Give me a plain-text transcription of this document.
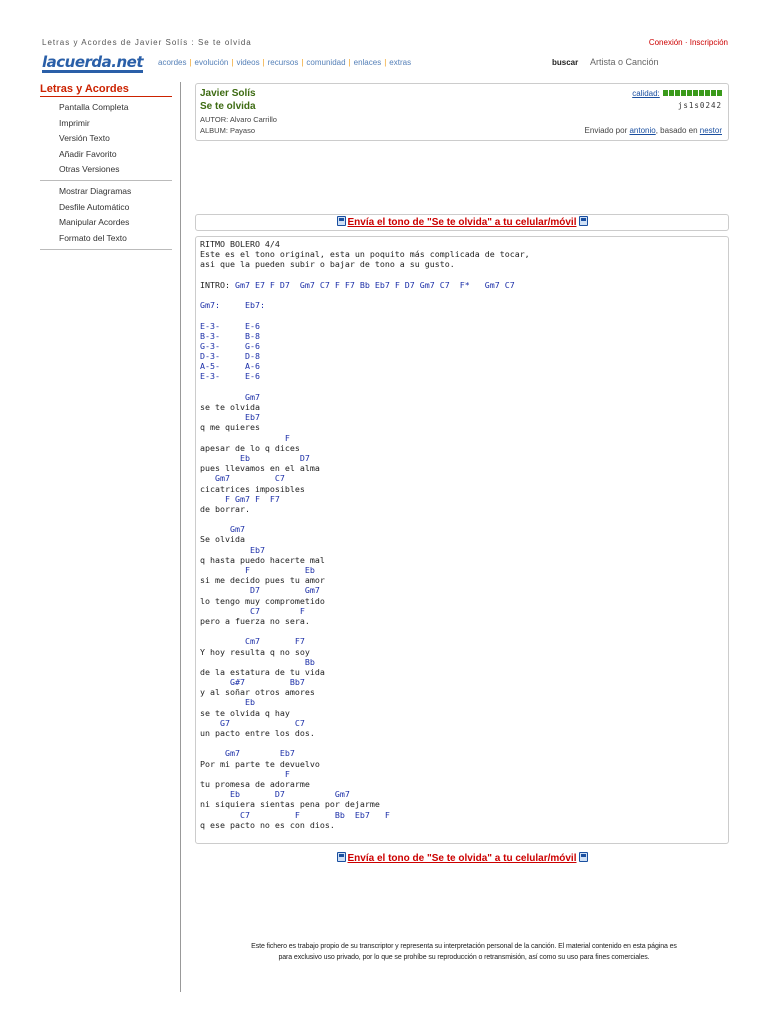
Letras y Acordes de Javier Solís : Se te olvida	Conexión · Inscripción
lacuerda.net acordes | evolución | videos | recursos | comunidad | enlaces | extras	buscar
Artista o Canción
Letras y Acordes
Pantalla Completa
Imprimir
Versión Texto
Añadir Favorito
Otras Versiones
Mostrar Diagramas
Desfile Automático
Manipular Acordes
Formato del Texto
Javier Solís
Se te olvida
AUTOR: Alvaro Carrillo
ALBUM: Payaso
calidad:
js1s0242
Enviado por antonio, basado en nestor
Envía el tono de "Se te olvida" a tu celular/móvil
RITMO BOLERO 4/4
Este es el tono original, esta un poquito más complicada de tocar,
asi que la pueden subir o bajar de tono a su gusto.
INTRO: Gm7 E7 F D7  Gm7 C7 F F7 Bb Eb7 F D7 Gm7 C7  F*   Gm7 C7
Gm7:     Eb7:
E-3-     E-6
B-3-     B-8
G-3-     G-6
D-3-     D-8
A-5-     A-6
E-3-     E-6
Gm7
se te olvida
Eb7
q me quieres
F
apesar de lo q dices
Eb          D7
pues llevamos en el alma
Gm7         C7
cicatrices imposibles
F Gm7 F  F7
de borrar.
Gm7
Se olvida
Eb7
q hasta puedo hacerte mal
F           Eb
si me decido pues tu amor
D7         Gm7
lo tengo muy comprometido
C7        F
pero a fuerza no sera.
Cm7       F7
Y hoy resulta q no soy
Bb
de la estatura de tu vida
G#7         Bb7
y al soñar otros amores
Eb
se te olvida q hay
G7             C7
un pacto entre los dos.
Gm7        Eb7
Por mi parte te devuelvo
F
tu promesa de adorarme
Eb       D7          Gm7
ni siquiera sientas pena por dejarme
C7         F       Bb  Eb7   F
q ese pacto no es con dios.
Envía el tono de "Se te olvida" a tu celular/móvil
Este fichero es trabajo propio de su transcriptor y representa su interpretación personal de la canción. El material contenido en esta página es
para exclusivo uso privado, por lo que se prohíbe su reproducción o retransmisión, así como su uso para fines comerciales.
